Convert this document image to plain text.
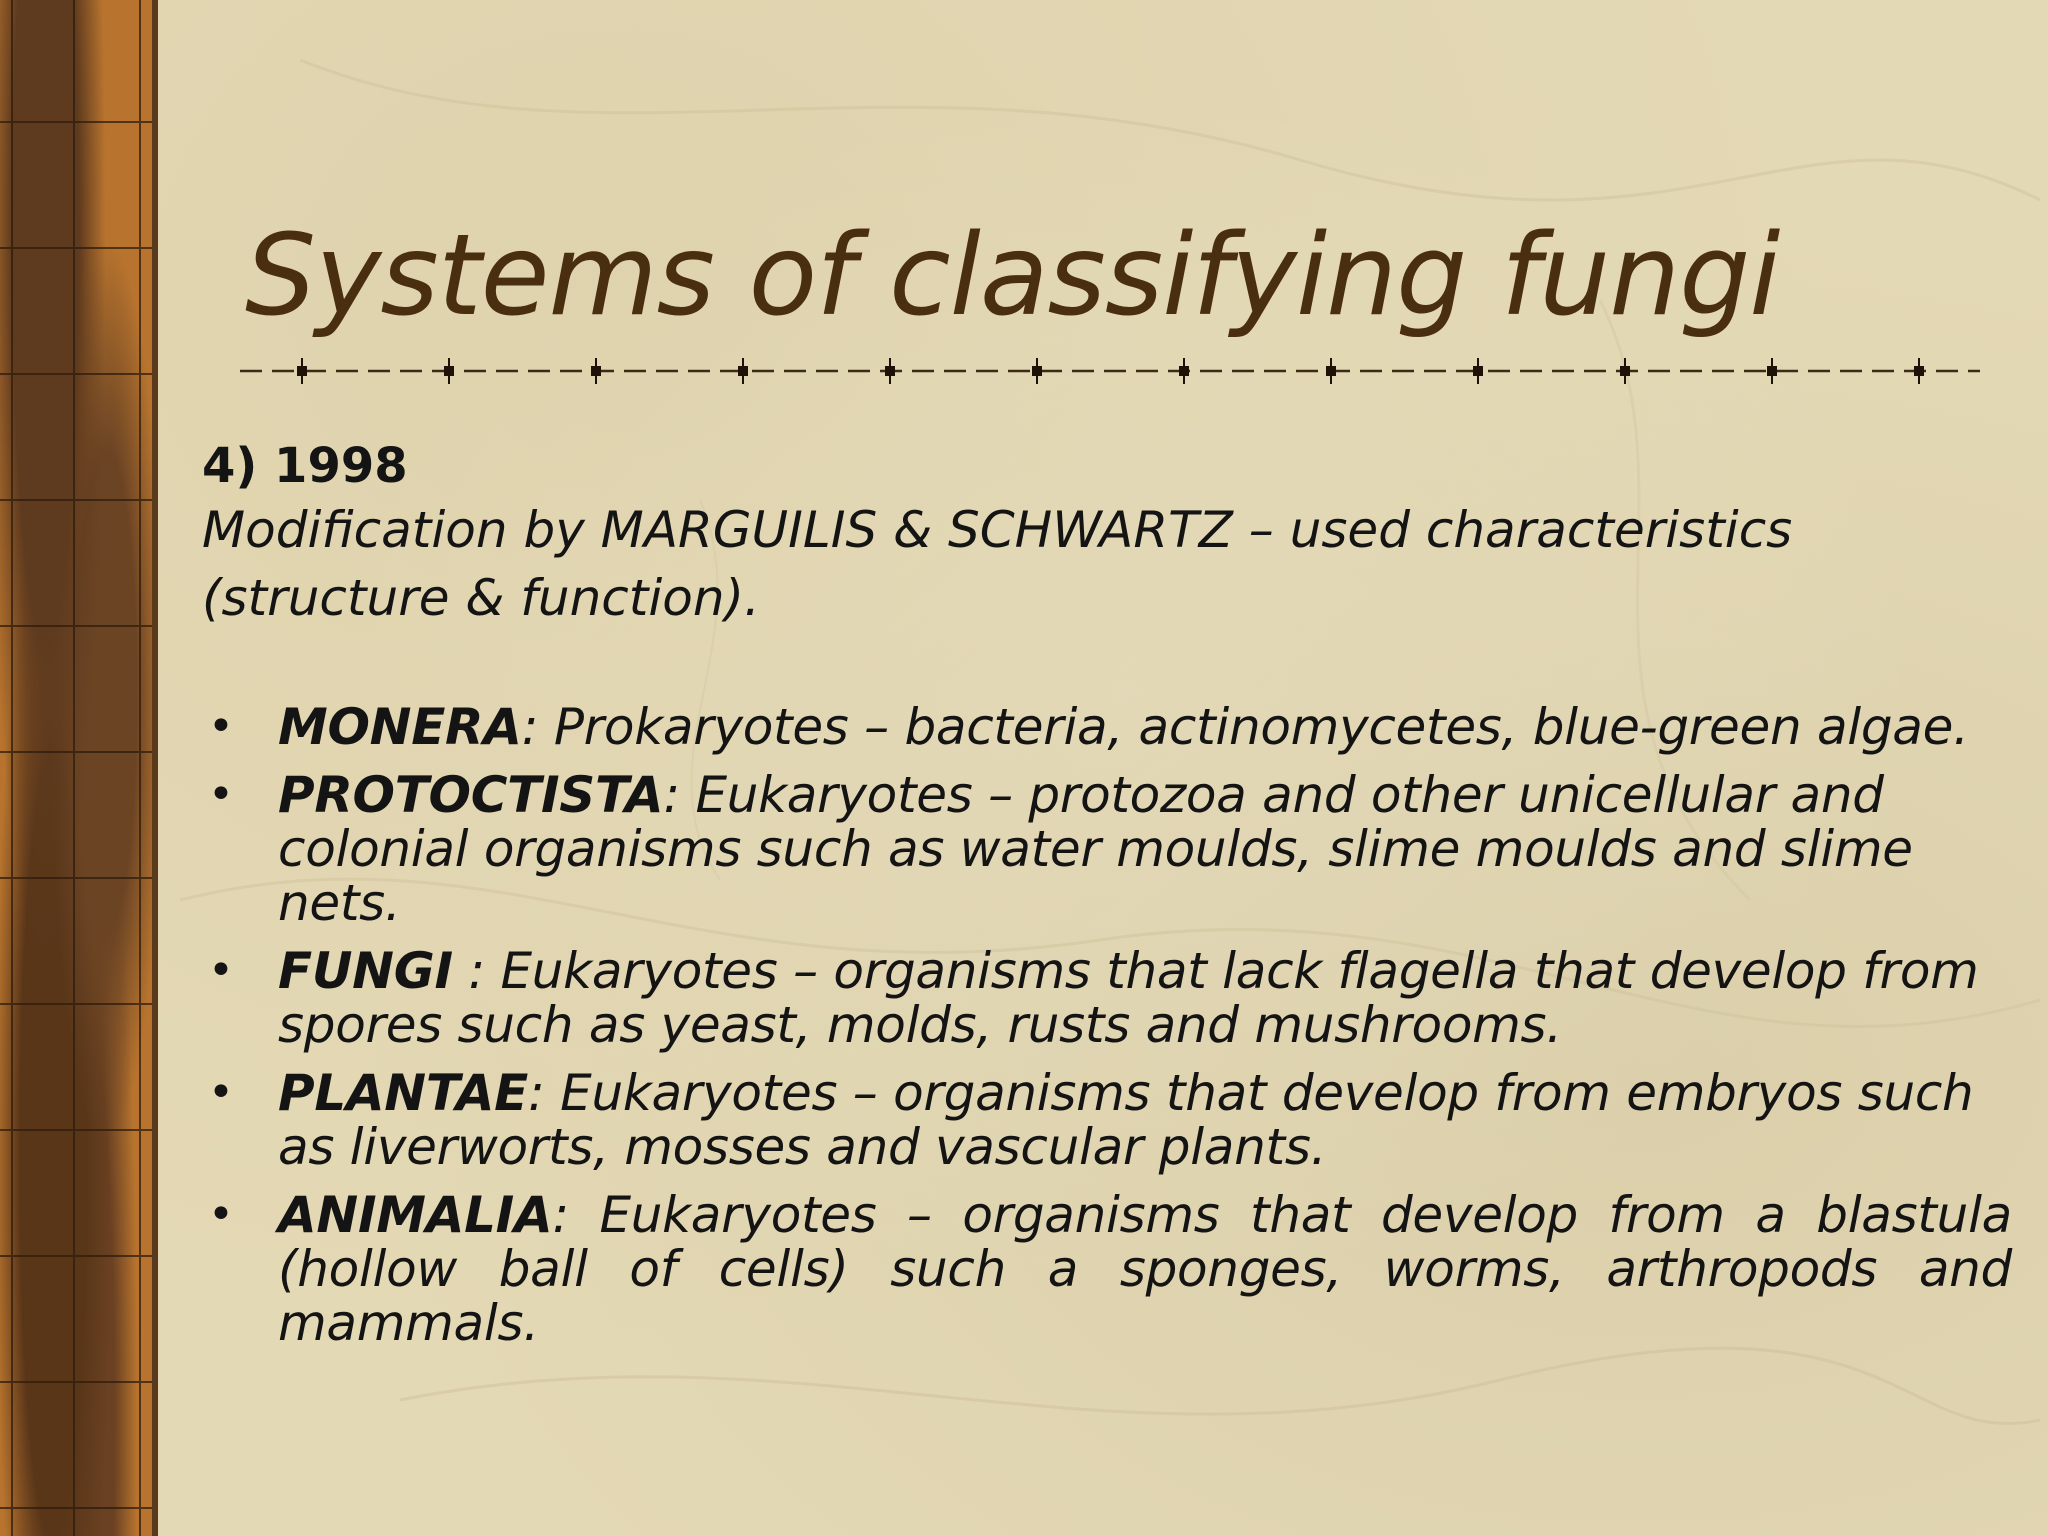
Systems of classifying fungi

4) 1998

Modification by MARGUILIS & SCHWARTZ – used characteristics (structure & function).

• MONERA: Prokaryotes – bacteria, actinomycetes, blue-green algae.
• PROTOCTISTA: Eukaryotes – protozoa and other unicellular and colonial organisms such as water moulds, slime moulds and slime nets.
• FUNGI : Eukaryotes – organisms that lack flagella that develop from spores such as yeast, molds, rusts and mushrooms.
• PLANTAE: Eukaryotes – organisms that develop from embryos such as liverworts, mosses and vascular plants.
• ANIMALIA: Eukaryotes – organisms that develop from a blastula (hollow ball of cells) such a sponges, worms, arthropods and mammals.
